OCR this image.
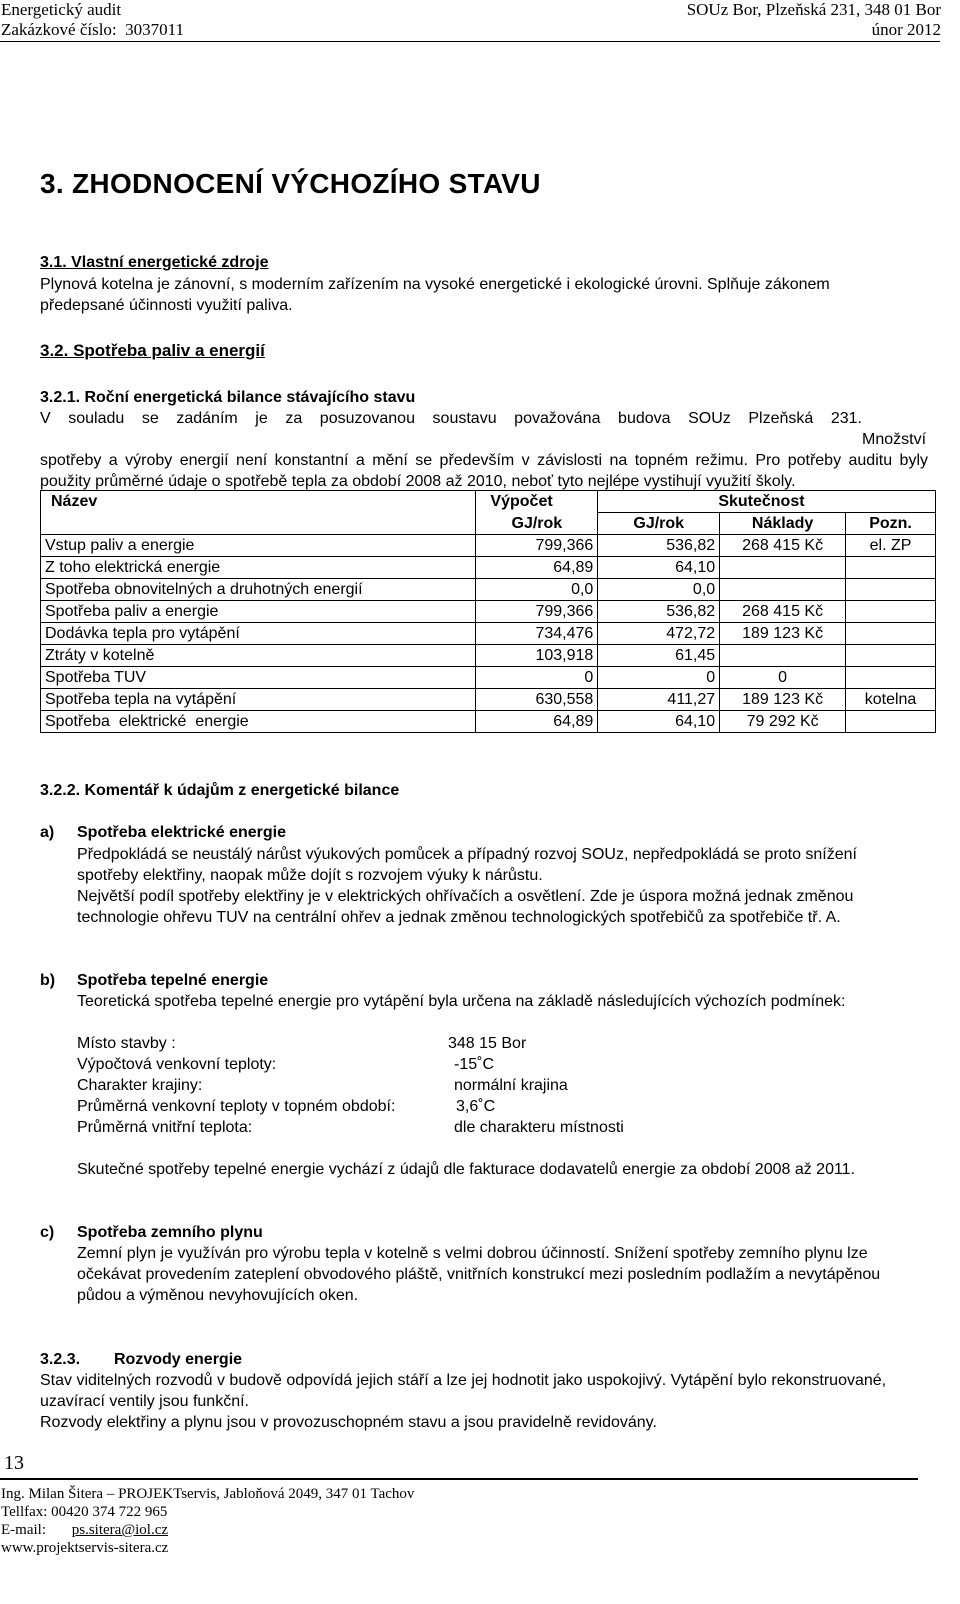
Energetický audit	SOUz Bor, Plzeňská 231, 348 01 Bor
Zakázkové číslo:  3037011	únor 2012
3. ZHODNOCENÍ VÝCHOZÍHO STAVU
3.1. Vlastní energetické zdroje
Plynová kotelna je zánovní, s moderním zařízením na vysoké energetické i ekologické úrovni. Splňuje zákonem předepsané účinnosti využití paliva.
3.2. Spotřeba paliv a energií
3.2.1. Roční energetická bilance stávajícího stavu
V souladu se zadáním je za posuzovanou soustavu považována budova SOUz Plzeňská 231.
Množství spotřeby a výroby energií není konstantní a mění se především v závislosti na topném režimu. Pro potřeby auditu byly použity průměrné údaje o spotřebě tepla za období 2008 až 2010, neboť tyto nejlépe vystihují využití školy.
Název	Výpočet	Skutečnost		
	GJ/rok	GJ/rok	Náklady	Pozn.
Vstup paliv a energie	799,366	536,82	268 415 Kč	el. ZP
Z toho elektrická energie	64,89	64,10		
Spotřeba obnovitelných a druhotných energií	0,0	0,0		
Spotřeba paliv a energie	799,366	536,82	268 415 Kč	
Dodávka tepla pro vytápění	734,476	472,72	189 123 Kč	
Ztráty v kotelně	103,918	61,45		
Spotřeba TUV	0	0	0	
Spotřeba tepla na vytápění	630,558	411,27	189 123 Kč	kotelna
Spotřeba  elektrické  energie	64,89	64,10	79 292 Kč	
3.2.2. Komentář k údajům z energetické bilance
a) Spotřeba elektrické energie
Předpokládá se neustálý nárůst výukových pomůcek a případný rozvoj SOUz, nepředpokládá se proto snížení spotřeby elektřiny, naopak může dojít s rozvojem výuky k nárůstu.
Největší podíl spotřeby elektřiny je v elektrických ohřívačích a osvětlení. Zde je úspora možná jednak změnou technologie ohřevu TUV na centrální ohřev a jednak změnou technologických spotřebičů za spotřebiče tř. A.
b) Spotřeba tepelné energie
Teoretická spotřeba tepelné energie pro vytápění byla určena na základě následujících výchozích podmínek:
Místo stavby :	348 15 Bor
Výpočtová venkovní teploty:	-15˚C
Charakter krajiny:	normální krajina
Průměrná venkovní teploty v topném období:	3,6˚C
Průměrná vnitřní teplota:	dle charakteru místnosti
Skutečné spotřeby tepelné energie vychází z údajů dle fakturace dodavatelů energie za období 2008 až 2011.
c) Spotřeba zemního plynu
Zemní plyn je využíván pro výrobu tepla v kotelně s velmi dobrou účinností. Snížení spotřeby zemního plynu lze očekávat provedením zateplení obvodového pláště, vnitřních konstrukcí mezi posledním podlažím a nevytápěnou půdou a výměnou nevyhovujících oken.
3.2.3. Rozvody energie
Stav viditelných rozvodů v budově odpovídá jejich stáří a lze jej hodnotit jako uspokojivý. Vytápění bylo rekonstruované, uzavírací ventily jsou funkční.
Rozvody elektřiny a plynu jsou v provozuschopném stavu a jsou pravidelně revidovány.
13
Ing. Milan Šitera – PROJEKTservis, Jabloňová 2049, 347 01 Tachov
Tellfax: 00420 374 722 965
E-mail: ps.sitera@iol.cz
www.projektservis-sitera.cz
